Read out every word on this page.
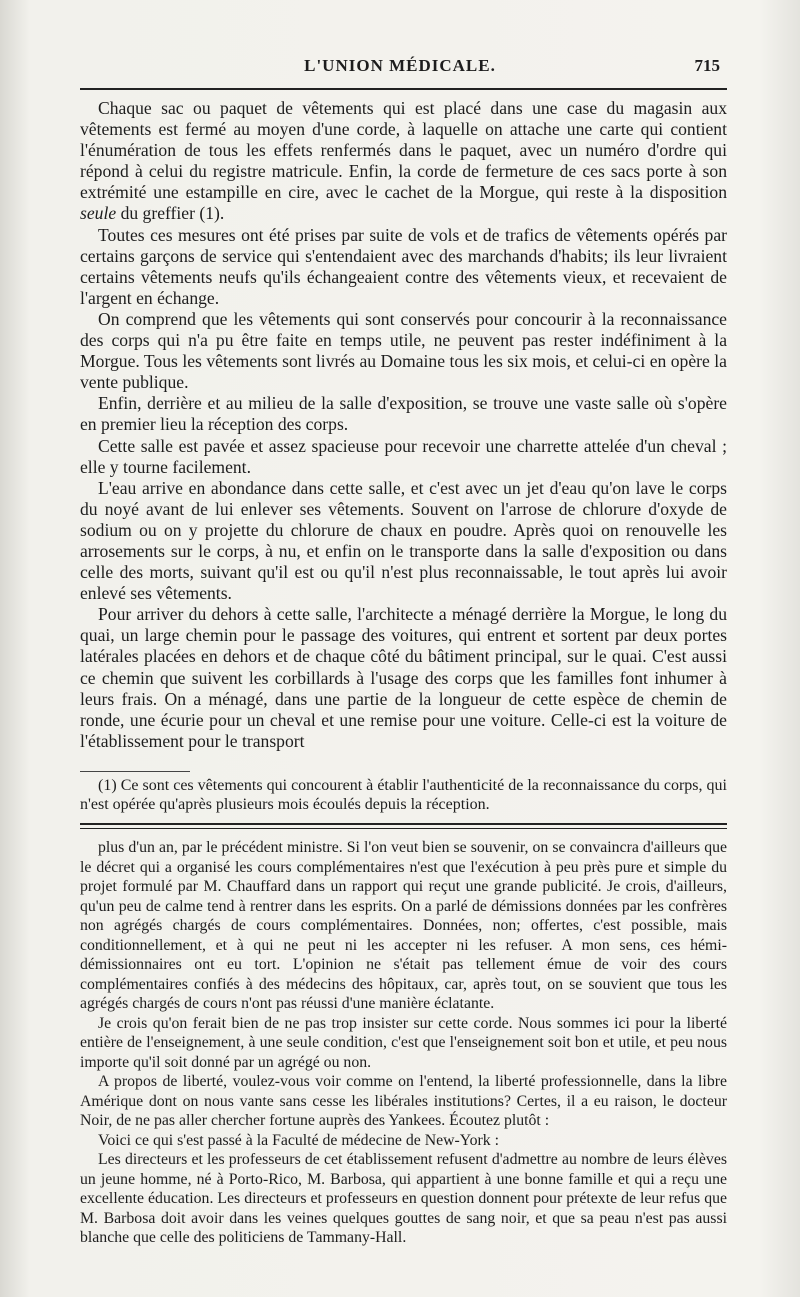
L'UNION MÉDICALE.	715

Chaque sac ou paquet de vêtements qui est placé dans une case du magasin aux vêtements est fermé au moyen d'une corde, à laquelle on attache une carte qui contient l'énumération de tous les effets renfermés dans le paquet, avec un numéro d'ordre qui répond à celui du registre matricule. Enfin, la corde de fermeture de ces sacs porte à son extrémité une estampille en cire, avec le cachet de la Morgue, qui reste à la disposition seule du greffier (1).

Toutes ces mesures ont été prises par suite de vols et de trafics de vêtements opérés par certains garçons de service qui s'entendaient avec des marchands d'habits; ils leur livraient certains vêtements neufs qu'ils échangeaient contre des vêtements vieux, et recevaient de l'argent en échange.

On comprend que les vêtements qui sont conservés pour concourir à la reconnaissance des corps qui n'a pu être faite en temps utile, ne peuvent pas rester indéfiniment à la Morgue. Tous les vêtements sont livrés au Domaine tous les six mois, et celui-ci en opère la vente publique.

Enfin, derrière et au milieu de la salle d'exposition, se trouve une vaste salle où s'opère en premier lieu la réception des corps.

Cette salle est pavée et assez spacieuse pour recevoir une charrette attelée d'un cheval ; elle y tourne facilement.

L'eau arrive en abondance dans cette salle, et c'est avec un jet d'eau qu'on lave le corps du noyé avant de lui enlever ses vêtements. Souvent on l'arrose de chlorure d'oxyde de sodium ou on y projette du chlorure de chaux en poudre. Après quoi on renouvelle les arrosements sur le corps, à nu, et enfin on le transporte dans la salle d'exposition ou dans celle des morts, suivant qu'il est ou qu'il n'est plus reconnaissable, le tout après lui avoir enlevé ses vêtements.

Pour arriver du dehors à cette salle, l'architecte a ménagé derrière la Morgue, le long du quai, un large chemin pour le passage des voitures, qui entrent et sortent par deux portes latérales placées en dehors et de chaque côté du bâtiment principal, sur le quai. C'est aussi ce chemin que suivent les corbillards à l'usage des corps que les familles font inhumer à leurs frais. On a ménagé, dans une partie de la longueur de cette espèce de chemin de ronde, une écurie pour un cheval et une remise pour une voiture. Celle-ci est la voiture de l'établissement pour le transport

(1) Ce sont ces vêtements qui concourent à établir l'authenticité de la reconnaissance du corps, qui n'est opérée qu'après plusieurs mois écoulés depuis la réception.

plus d'un an, par le précédent ministre. Si l'on veut bien se souvenir, on se convaincra d'ailleurs que le décret qui a organisé les cours complémentaires n'est que l'exécution à peu près pure et simple du projet formulé par M. Chauffard dans un rapport qui reçut une grande publicité. Je crois, d'ailleurs, qu'un peu de calme tend à rentrer dans les esprits. On a parlé de démissions données par les confrères non agrégés chargés de cours complémentaires. Données, non; offertes, c'est possible, mais conditionnellement, et à qui ne peut ni les accepter ni les refuser. A mon sens, ces hémi-démissionnaires ont eu tort. L'opinion ne s'était pas tellement émue de voir des cours complémentaires confiés à des médecins des hôpitaux, car, après tout, on se souvient que tous les agrégés chargés de cours n'ont pas réussi d'une manière éclatante.

Je crois qu'on ferait bien de ne pas trop insister sur cette corde. Nous sommes ici pour la liberté entière de l'enseignement, à une seule condition, c'est que l'enseignement soit bon et utile, et peu nous importe qu'il soit donné par un agrégé ou non.

A propos de liberté, voulez-vous voir comme on l'entend, la liberté professionnelle, dans la libre Amérique dont on nous vante sans cesse les libérales institutions? Certes, il a eu raison, le docteur Noir, de ne pas aller chercher fortune auprès des Yankees. Écoutez plutôt :

Voici ce qui s'est passé à la Faculté de médecine de New-York :

Les directeurs et les professeurs de cet établissement refusent d'admettre au nombre de leurs élèves un jeune homme, né à Porto-Rico, M. Barbosa, qui appartient à une bonne famille et qui a reçu une excellente éducation. Les directeurs et professeurs en question donnent pour prétexte de leur refus que M. Barbosa doit avoir dans les veines quelques gouttes de sang noir, et que sa peau n'est pas aussi blanche que celle des politiciens de Tammany-Hall.
